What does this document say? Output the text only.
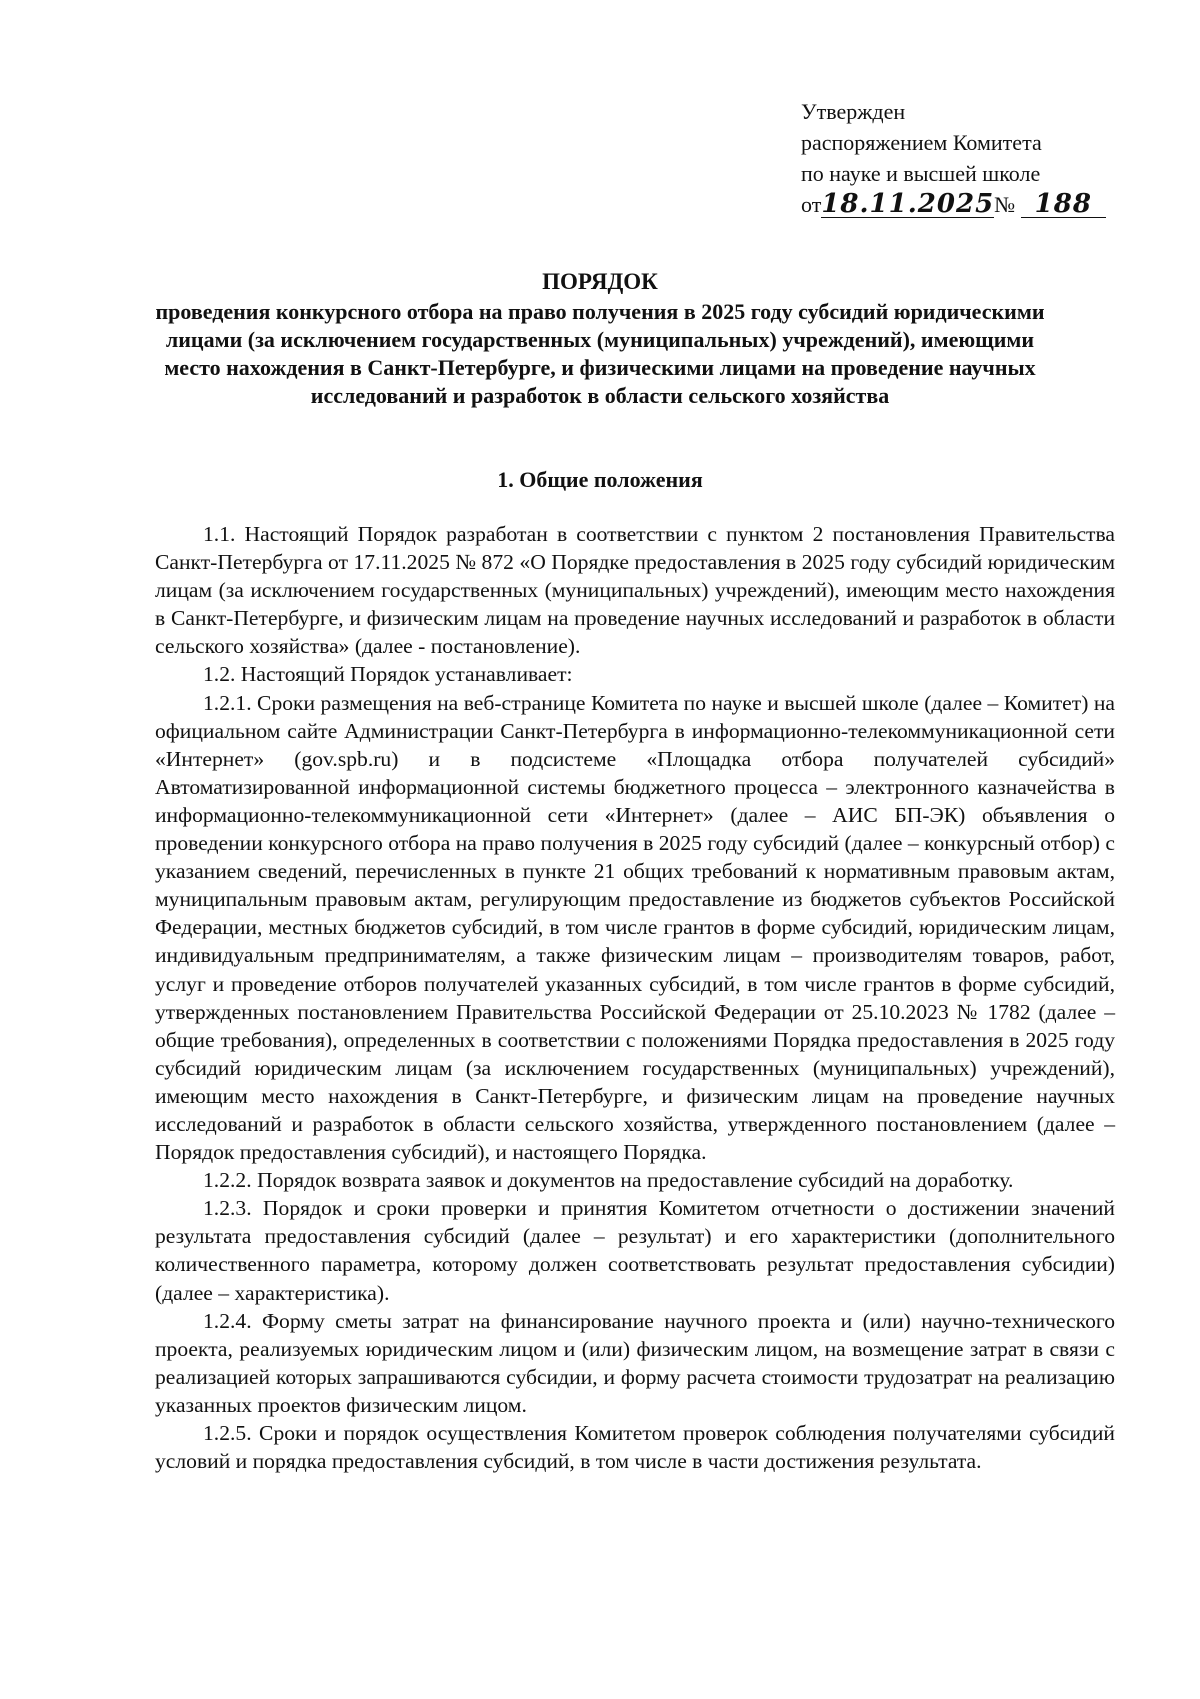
Утвержден
распоряжением Комитета
по науке и высшей школе
от18.11.2025№ 188
ПОРЯДОК
проведения конкурсного отбора на право получения в 2025 году субсидий юридическими лицами (за исключением государственных (муниципальных) учреждений), имеющими место нахождения в Санкт-Петербурге, и физическими лицами на проведение научных исследований и разработок в области сельского хозяйства
1. Общие положения

1.1. Настоящий Порядок разработан в соответствии с пунктом 2 постановления Правительства Санкт-Петербурга от 17.11.2025 № 872 «О Порядке предоставления в 2025 году субсидий юридическим лицам (за исключением государственных (муниципальных) учреждений), имеющим место нахождения в Санкт-Петербурге, и физическим лицам на проведение научных исследований и разработок в области сельского хозяйства» (далее - постановление).

1.2. Настоящий Порядок устанавливает:

1.2.1. Сроки размещения на веб-странице Комитета по науке и высшей школе (далее – Комитет) на официальном сайте Администрации Санкт-Петербурга в информационно-телекоммуникационной сети «Интернет» (gov.spb.ru) и в подсистеме «Площадка отбора получателей субсидий» Автоматизированной информационной системы бюджетного процесса – электронного казначейства в информационно-телекоммуникационной сети «Интернет» (далее – АИС БП-ЭК) объявления о проведении конкурсного отбора на право получения в 2025 году субсидий (далее – конкурсный отбор) с указанием сведений, перечисленных в пункте 21 общих требований к нормативным правовым актам, муниципальным правовым актам, регулирующим предоставление из бюджетов субъектов Российской Федерации, местных бюджетов субсидий, в том числе грантов в форме субсидий, юридическим лицам, индивидуальным предпринимателям, а также физическим лицам – производителям товаров, работ, услуг и проведение отборов получателей указанных субсидий, в том числе грантов в форме субсидий, утвержденных постановлением Правительства Российской Федерации от 25.10.2023 № 1782 (далее – общие требования), определенных в соответствии с положениями Порядка предоставления в 2025 году субсидий юридическим лицам (за исключением государственных (муниципальных) учреждений), имеющим место нахождения в Санкт-Петербурге, и физическим лицам на проведение научных исследований и разработок в области сельского хозяйства, утвержденного постановлением (далее – Порядок предоставления субсидий), и настоящего Порядка.

1.2.2. Порядок возврата заявок и документов на предоставление субсидий на доработку.

1.2.3. Порядок и сроки проверки и принятия Комитетом отчетности о достижении значений результата предоставления субсидий (далее – результат) и его характеристики (дополнительного количественного параметра, которому должен соответствовать результат предоставления субсидии) (далее – характеристика).

1.2.4. Форму сметы затрат на финансирование научного проекта и (или) научно-технического проекта, реализуемых юридическим лицом и (или) физическим лицом, на возмещение затрат в связи с реализацией которых запрашиваются субсидии, и форму расчета стоимости трудозатрат на реализацию указанных проектов физическим лицом.

1.2.5. Сроки и порядок осуществления Комитетом проверок соблюдения получателями субсидий условий и порядка предоставления субсидий, в том числе в части достижения результата.
